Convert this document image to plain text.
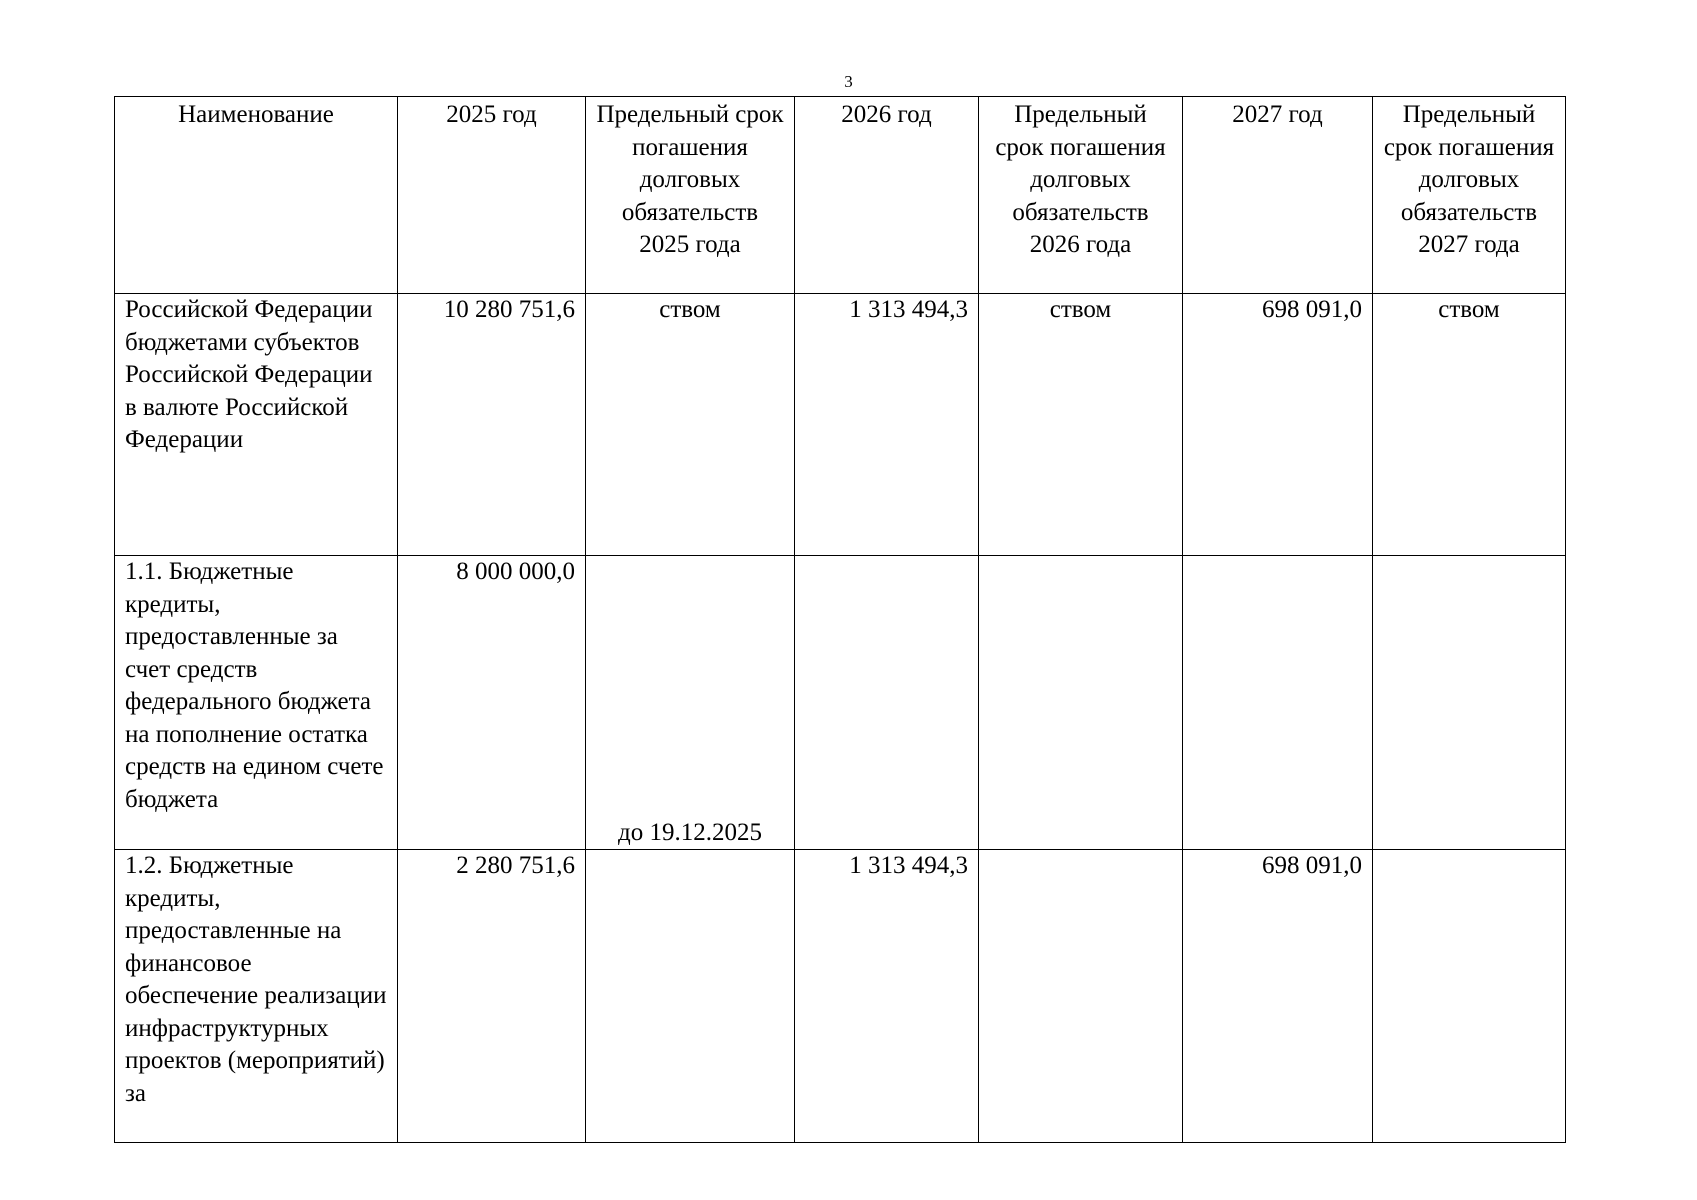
3
Наименование	2025 год	Предельный срок погашения долговых обязательств 2025 года	2026 год	Предельный срок погашения долговых обязательств 2026 года	2027 год	Предельный срок погашения долговых обязательств 2027 года
Российской Федерации бюджетами субъектов Российской Федерации в валюте Российской Федерации	10 280 751,6	ством	1 313 494,3	ством	698 091,0	ством
1.1. Бюджетные кредиты, предоставленные за счет средств федерального бюджета на пополнение остатка средств на едином счете бюджета	8 000 000,0	до 19.12.2025				
1.2. Бюджетные кредиты, предоставленные на финансовое обеспечение реализации инфраструктурных проектов (мероприятий) за	2 280 751,6		1 313 494,3		698 091,0	
